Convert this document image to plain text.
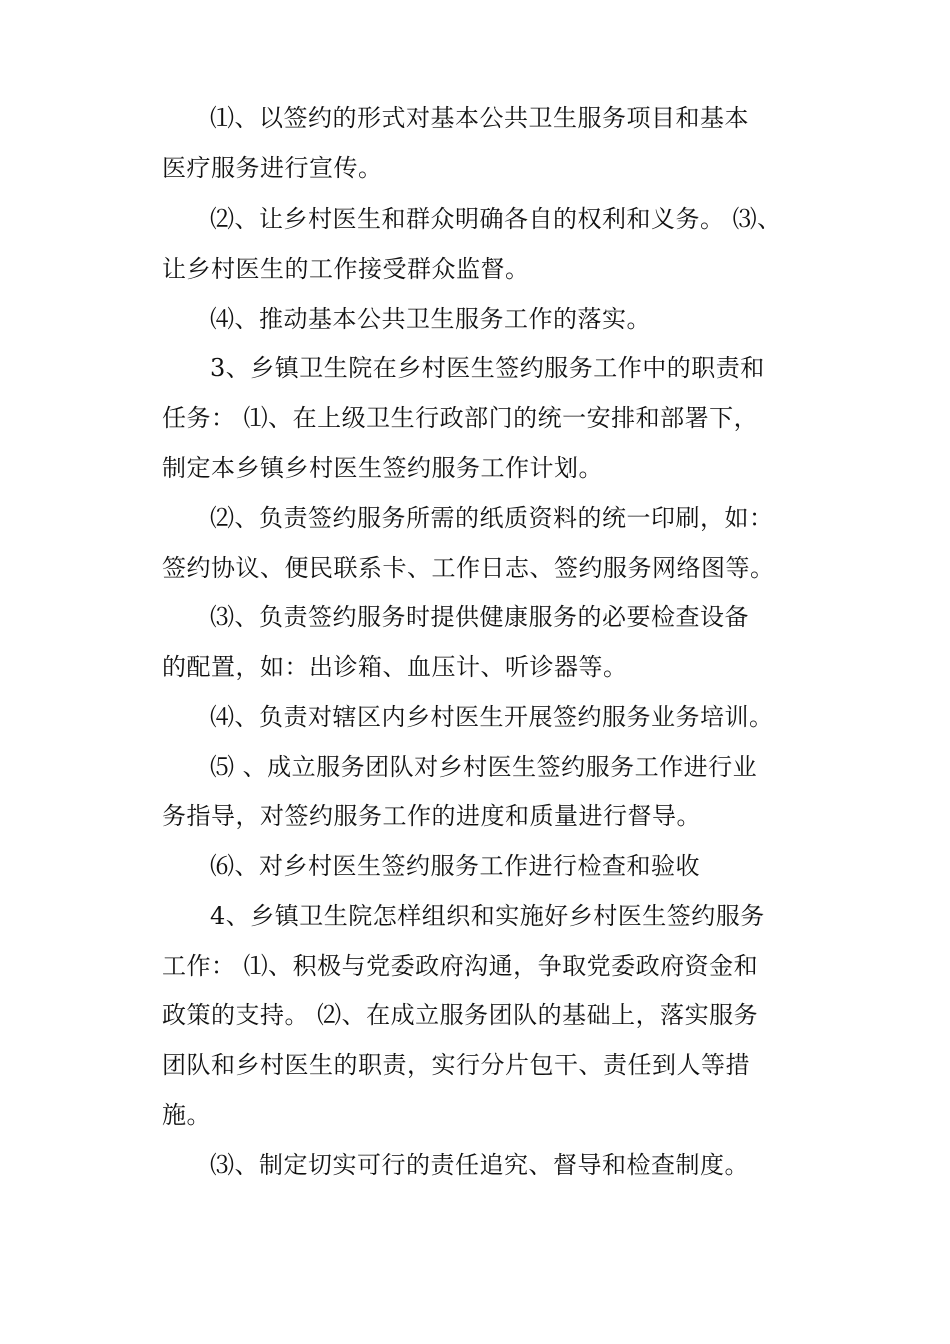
⑴、以签约的形式对基本公共卫生服务项目和基本
医疗服务进行宣传。
⑵、让乡村医生和群众明确各自的权利和义务。 ⑶、
让乡村医生的工作接受群众监督。
⑷、推动基本公共卫生服务工作的落实。
3、乡镇卫生院在乡村医生签约服务工作中的职责和
任务： ⑴、在上级卫生行政部门的统一安排和部署下，
制定本乡镇乡村医生签约服务工作计划。
⑵、负责签约服务所需的纸质资料的统一印刷，如：
签约协议、便民联系卡、工作日志、签约服务网络图等。
⑶、负责签约服务时提供健康服务的必要检查设备
的配置，如：出诊箱、血压计、听诊器等。
⑷、负责对辖区内乡村医生开展签约服务业务培训。
⑸ 、成立服务团队对乡村医生签约服务工作进行业
务指导，对签约服务工作的进度和质量进行督导。
⑹、对乡村医生签约服务工作进行检查和验收
4、乡镇卫生院怎样组织和实施好乡村医生签约服务
工作： ⑴、积极与党委政府沟通，争取党委政府资金和
政策的支持。 ⑵、在成立服务团队的基础上，落实服务
团队和乡村医生的职责，实行分片包干、责任到人等措
施。
⑶、制定切实可行的责任追究、督导和检查制度。
